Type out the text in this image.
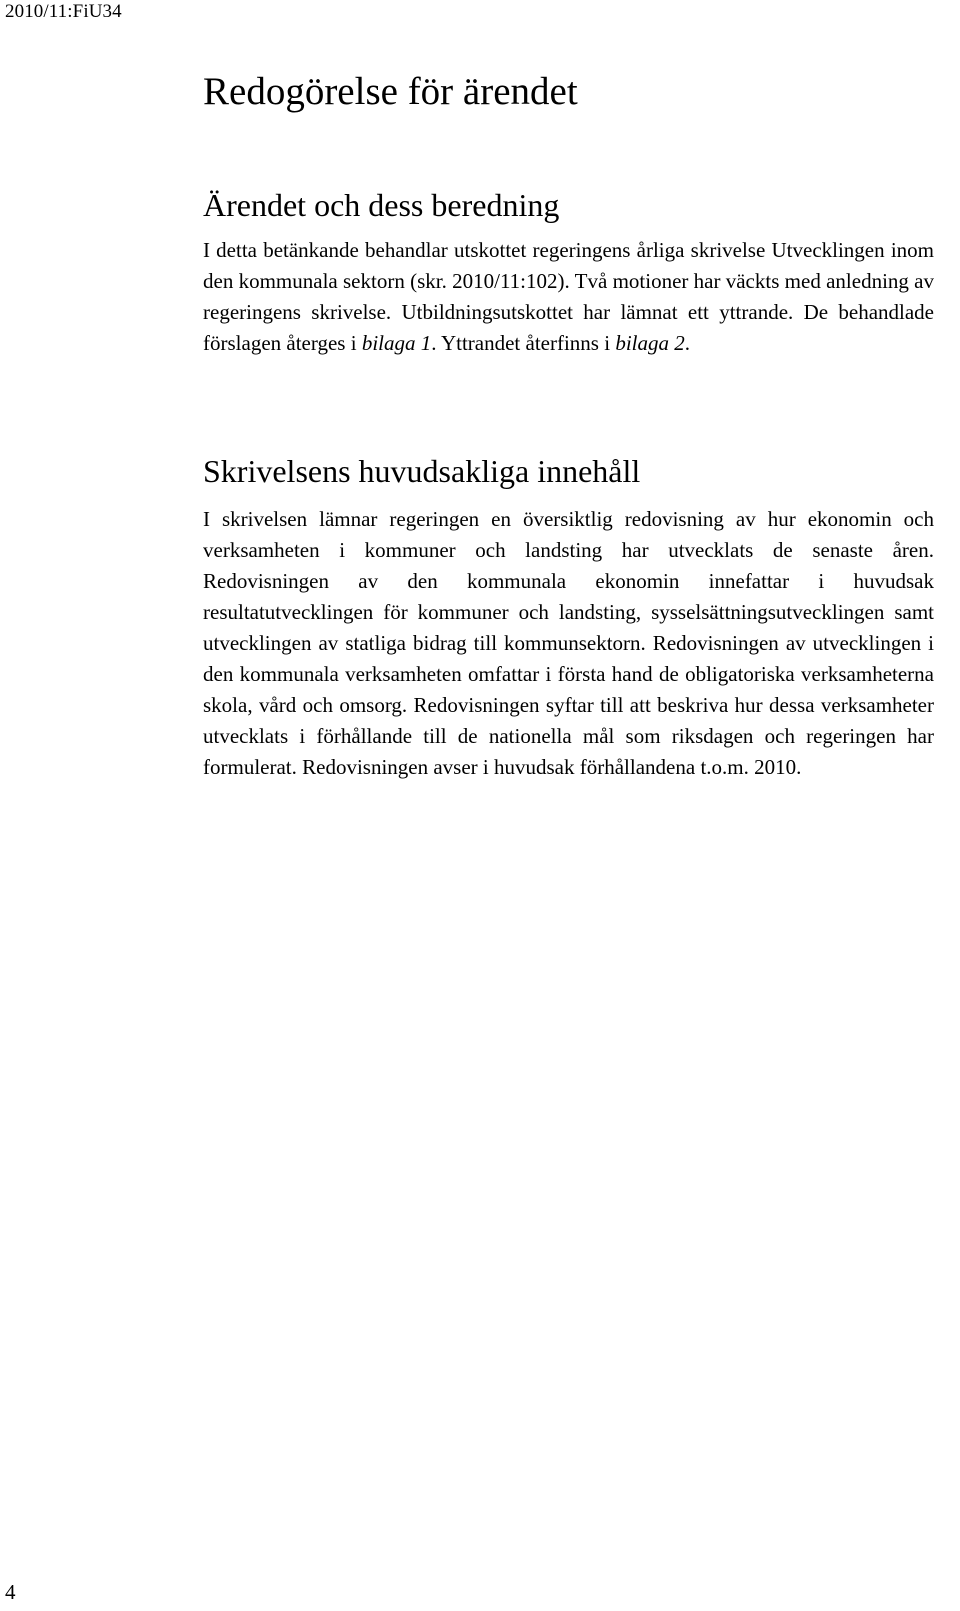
2010/11:FiU34
Redogörelse för ärendet
Ärendet och dess beredning

I detta betänkande behandlar utskottet regeringens årliga skrivelse Utvecklingen inom den kommunala sektorn (skr. 2010/11:102). Två motioner har väckts med anledning av regeringens skrivelse. Utbildningsutskottet har lämnat ett yttrande. De behandlade förslagen återges i bilaga 1. Yttrandet återfinns i bilaga 2.

Skrivelsens huvudsakliga innehåll

I skrivelsen lämnar regeringen en översiktlig redovisning av hur ekonomin och verksamheten i kommuner och landsting har utvecklats de senaste åren. Redovisningen av den kommunala ekonomin innefattar i huvudsak resultatutvecklingen för kommuner och landsting, sysselsättningsutvecklingen samt utvecklingen av statliga bidrag till kommunsektorn. Redovisningen av utvecklingen i den kommunala verksamheten omfattar i första hand de obligatoriska verksamheterna skola, vård och omsorg. Redovisningen syftar till att beskriva hur dessa verksamheter utvecklats i förhållande till de nationella mål som riksdagen och regeringen har formulerat. Redovisningen avser i huvudsak förhållandena t.o.m. 2010.

4
